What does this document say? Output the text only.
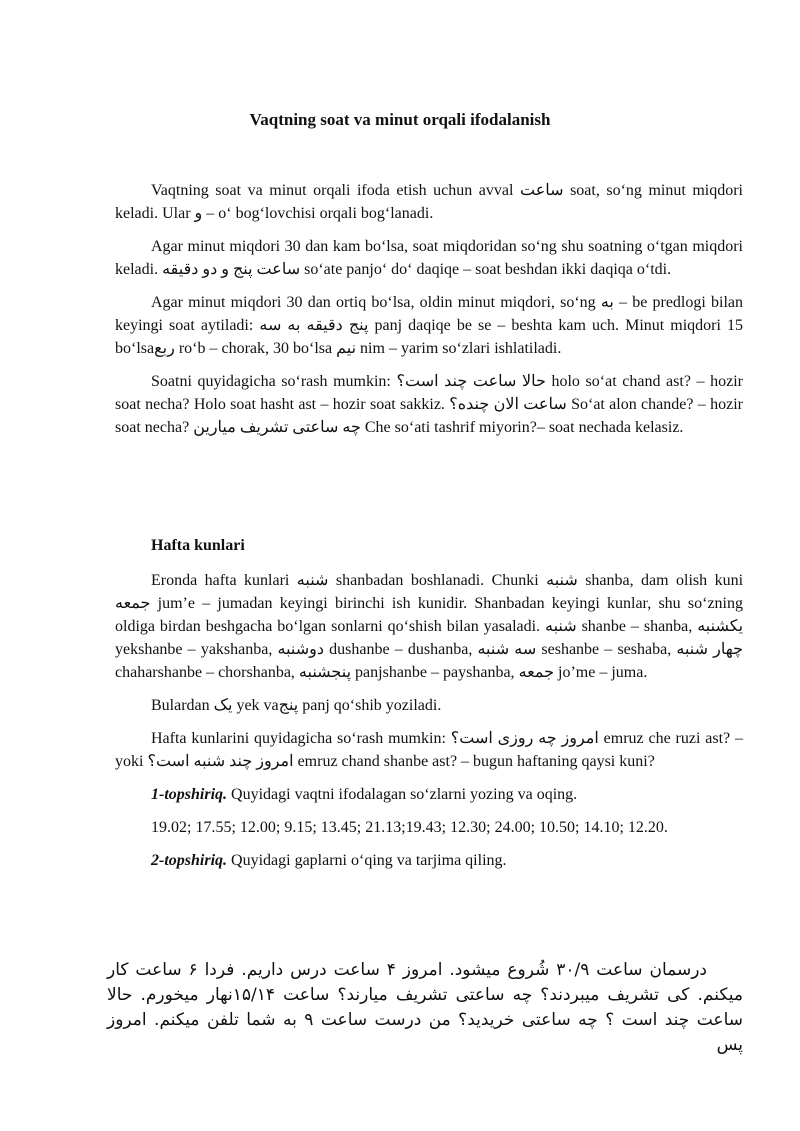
Vaqtning soat va minut orqali ifodalanish

Vaqtning soat va minut orqali ifoda etish uchun avval ساعت soat, so‘ng minut miqdori keladi. Ular و – o‘ bog‘lovchisi orqali bog‘lanadi.

Agar minut miqdori 30 dan kam bo‘lsa, soat miqdoridan so‘ng shu soatning o‘tgan miqdori keladi. ساعت پنج و دو دقیقه so‘ate panjo‘ do‘ daqiqe – soat beshdan ikki daqiqa o‘tdi.

Agar minut miqdori 30 dan ortiq bo‘lsa, oldin minut miqdori, so‘ng به – be predlogi bilan keyingi soat aytiladi: پنج دقیقه به سه panj daqiqe be se – beshta kam uch. Minut miqdori 15 bo‘lsaربع ro‘b – chorak, 30 bo‘lsa نیم nim – yarim so‘zlari ishlatiladi.

Soatni quyidagicha so‘rash mumkin: حالا ساعت چند است؟ holo so‘at chand ast? – hozir soat necha? Holo soat hasht ast – hozir soat sakkiz. ساعت الان چنده؟ So‘at alon chande? – hozir soat necha? چه ساعتی تشریف میارین Che so‘ati tashrif miyorin?– soat nechada kelasiz.

Hafta kunlari

Eronda hafta kunlari شنبه shanbadan boshlanadi. Chunki شنبه shanba, dam olish kuni جمعه jum’e – jumadan keyingi birinchi ish kunidir. Shanbadan keyingi kunlar, shu so‘zning oldiga birdan beshgacha bo‘lgan sonlarni qo‘shish bilan yasaladi. شنبه shanbe – shanba, یکشنبه yekshanbe – yakshanba, دوشنبه dushanbe – dushanba, سه شنبه seshanbe – seshaba, چهار شنبه chaharshanbe – chorshanba, پنجشنبه panjshanbe – payshanba, جمعه jo’me – juma.

Bulardan یک yek vaپنج panj qo‘shib yoziladi.

Hafta kunlarini quyidagicha so‘rash mumkin: امروز چه روزی است؟ emruz che ruzi ast? – yoki امروز چند شنبه است؟ emruz chand shanbe ast? – bugun haftaning qaysi kuni?

1-topshiriq. Quyidagi vaqtni ifodalagan so‘zlarni yozing va oqing.

19.02; 17.55; 12.00; 9.15; 13.45; 21.13;19.43; 12.30; 24.00; 10.50; 14.10; 12.20.

2-topshiriq. Quyidagi gaplarni o‘qing va tarjima qiling.

درسمان ساعت ۳۰/۹ شُروع میشود. امروز ۴ ساعت درس داریم. فردا ۶ ساعت کار میکنم. کی تشریف میبردند؟ چه ساعتی تشریف میارند؟ ساعت ۱۵/۱۴نهار میخورم. حالا ساعت چند است ؟ چه ساعتی خریدید؟ من درست ساعت ۹ به شما تلفن میکنم. امروز پس
